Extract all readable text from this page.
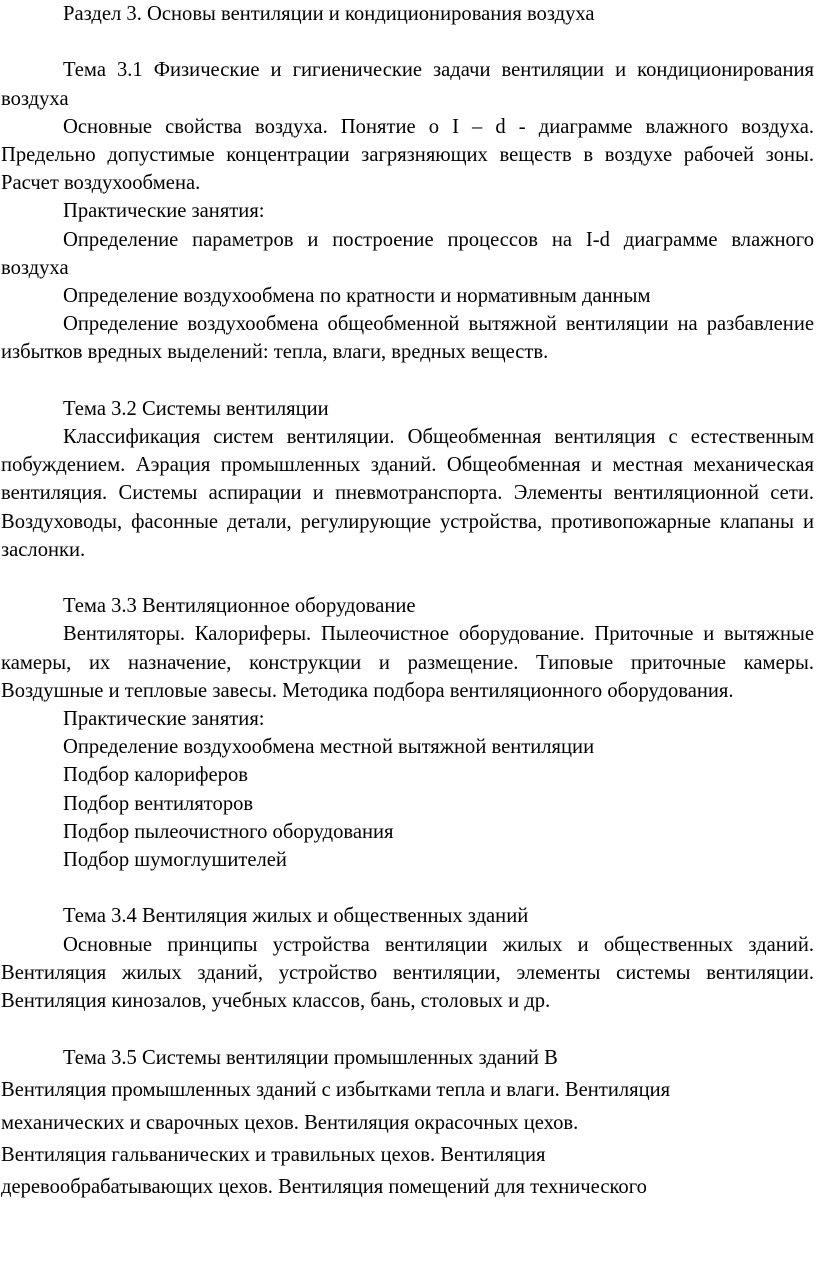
Раздел 3. Основы вентиляции и кондиционирования воздуха

Тема 3.1 Физические и гигиенические задачи вентиляции и кондиционирования воздуха

Основные свойства воздуха. Понятие о I – d - диаграмме влажного воздуха. Предельно допустимые концентрации загрязняющих веществ в воздухе рабочей зоны. Расчет воздухообмена.

Практические занятия:

Определение параметров и построение процессов на I-d диаграмме влажного воздуха

Определение воздухообмена по кратности и нормативным данным

Определение воздухообмена общеобменной вытяжной вентиляции на разбавление избытков вредных выделений: тепла, влаги, вредных веществ.

Тема 3.2 Системы вентиляции

Классификация систем вентиляции. Общеобменная вентиляция с естественным побуждением. Аэрация промышленных зданий. Общеобменная и местная механическая вентиляция. Системы аспирации и пневмотранспорта. Элементы вентиляционной сети. Воздуховоды, фасонные детали, регулирующие устройства, противопожарные клапаны и заслонки.

Тема 3.3 Вентиляционное оборудование

Вентиляторы. Калориферы. Пылеочистное оборудование. Приточные и вытяжные камеры, их назначение, конструкции и размещение. Типовые приточные камеры. Воздушные и тепловые завесы. Методика подбора вентиляционного оборудования.

Практические занятия:

Определение воздухообмена местной вытяжной вентиляции

Подбор калориферов

Подбор вентиляторов

Подбор пылеочистного оборудования

Подбор шумоглушителей

Тема 3.4 Вентиляция жилых и общественных зданий

Основные принципы устройства вентиляции жилых и общественных зданий. Вентиляция жилых зданий, устройство вентиляции, элементы системы вентиляции. Вентиляция кинозалов, учебных классов, бань, столовых и др.

Тема 3.5 Системы вентиляции промышленных зданий В

Вентиляция промышленных зданий с избытками тепла и влаги. Вентиляция

механических и сварочных цехов. Вентиляция окрасочных цехов.

Вентиляция гальванических и травильных цехов. Вентиляция

деревообрабатывающих цехов. Вентиляция помещений для технического
